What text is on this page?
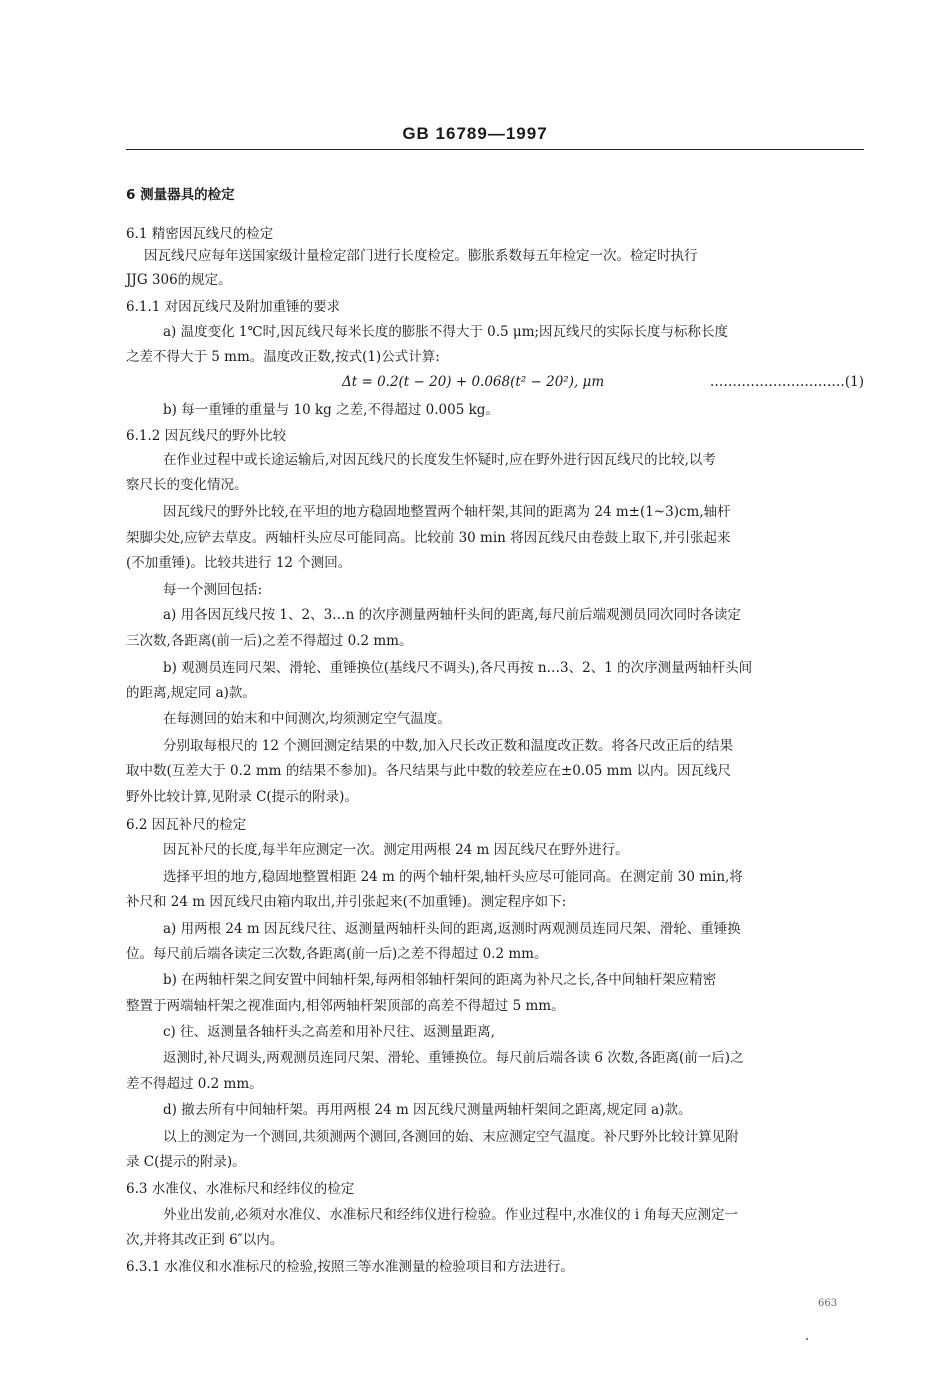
GB 16789—1997
6 测量器具的检定
6.1 精密因瓦线尺的检定
因瓦线尺应每年送国家级计量检定部门进行长度检定。膨胀系数每五年检定一次。检定时执行
JJG 306的规定。
6.1.1 对因瓦线尺及附加重锤的要求
a) 温度变化 1℃时,因瓦线尺每米长度的膨胀不得大于 0.5 μm;因瓦线尺的实际长度与标称长度
之差不得大于 5 mm。温度改正数,按式(1)公式计算:
Δt = 0.2(t − 20) + 0.068(t² − 20²), μm	…………………………(1)
b) 每一重锤的重量与 10 kg 之差,不得超过 0.005 kg。
6.1.2 因瓦线尺的野外比较
在作业过程中或长途运输后,对因瓦线尺的长度发生怀疑时,应在野外进行因瓦线尺的比较,以考
察尺长的变化情况。
因瓦线尺的野外比较,在平坦的地方稳固地整置两个轴杆架,其间的距离为 24 m±(1~3)cm,轴杆
架脚尖处,应铲去草皮。两轴杆头应尽可能同高。比较前 30 min 将因瓦线尺由卷鼓上取下,并引张起来
(不加重锤)。比较共进行 12 个测回。
每一个测回包括:
a) 用各因瓦线尺按 1、2、3…n 的次序测量两轴杆头间的距离,每尺前后端观测员同次同时各读定
三次数,各距离(前一后)之差不得超过 0.2 mm。
b) 观测员连同尺架、滑轮、重锤换位(基线尺不调头),各尺再按 n…3、2、1 的次序测量两轴杆头间
的距离,规定同 a)款。
在每测回的始末和中间测次,均须测定空气温度。
分别取每根尺的 12 个测回测定结果的中数,加入尺长改正数和温度改正数。将各尺改正后的结果
取中数(互差大于 0.2 mm 的结果不参加)。各尺结果与此中数的较差应在±0.05 mm 以内。因瓦线尺
野外比较计算,见附录 C(提示的附录)。
6.2 因瓦补尺的检定
因瓦补尺的长度,每半年应测定一次。测定用两根 24 m 因瓦线尺在野外进行。
选择平坦的地方,稳固地整置相距 24 m 的两个轴杆架,轴杆头应尽可能同高。在测定前 30 min,将
补尺和 24 m 因瓦线尺由箱内取出,并引张起来(不加重锤)。测定程序如下:
a) 用两根 24 m 因瓦线尺往、返测量两轴杆头间的距离,返测时两观测员连同尺架、滑轮、重锤换
位。每尺前后端各读定三次数,各距离(前一后)之差不得超过 0.2 mm。
b) 在两轴杆架之间安置中间轴杆架,每两相邻轴杆架间的距离为补尺之长,各中间轴杆架应精密
整置于两端轴杆架之视准面内,相邻两轴杆架顶部的高差不得超过 5 mm。
c) 往、返测量各轴杆头之高差和用补尺往、返测量距离,
返测时,补尺调头,两观测员连同尺架、滑轮、重锤换位。每尺前后端各读 6 次数,各距离(前一后)之
差不得超过 0.2 mm。
d) 撤去所有中间轴杆架。再用两根 24 m 因瓦线尺测量两轴杆架间之距离,规定同 a)款。
以上的测定为一个测回,共须测两个测回,各测回的始、末应测定空气温度。补尺野外比较计算见附
录 C(提示的附录)。
6.3 水准仪、水准标尺和经纬仪的检定
外业出发前,必须对水准仪、水准标尺和经纬仪进行检验。作业过程中,水准仪的 i 角每天应测定一
次,并将其改正到 6″以内。
6.3.1 水准仪和水准标尺的检验,按照三等水准测量的检验项目和方法进行。
663
